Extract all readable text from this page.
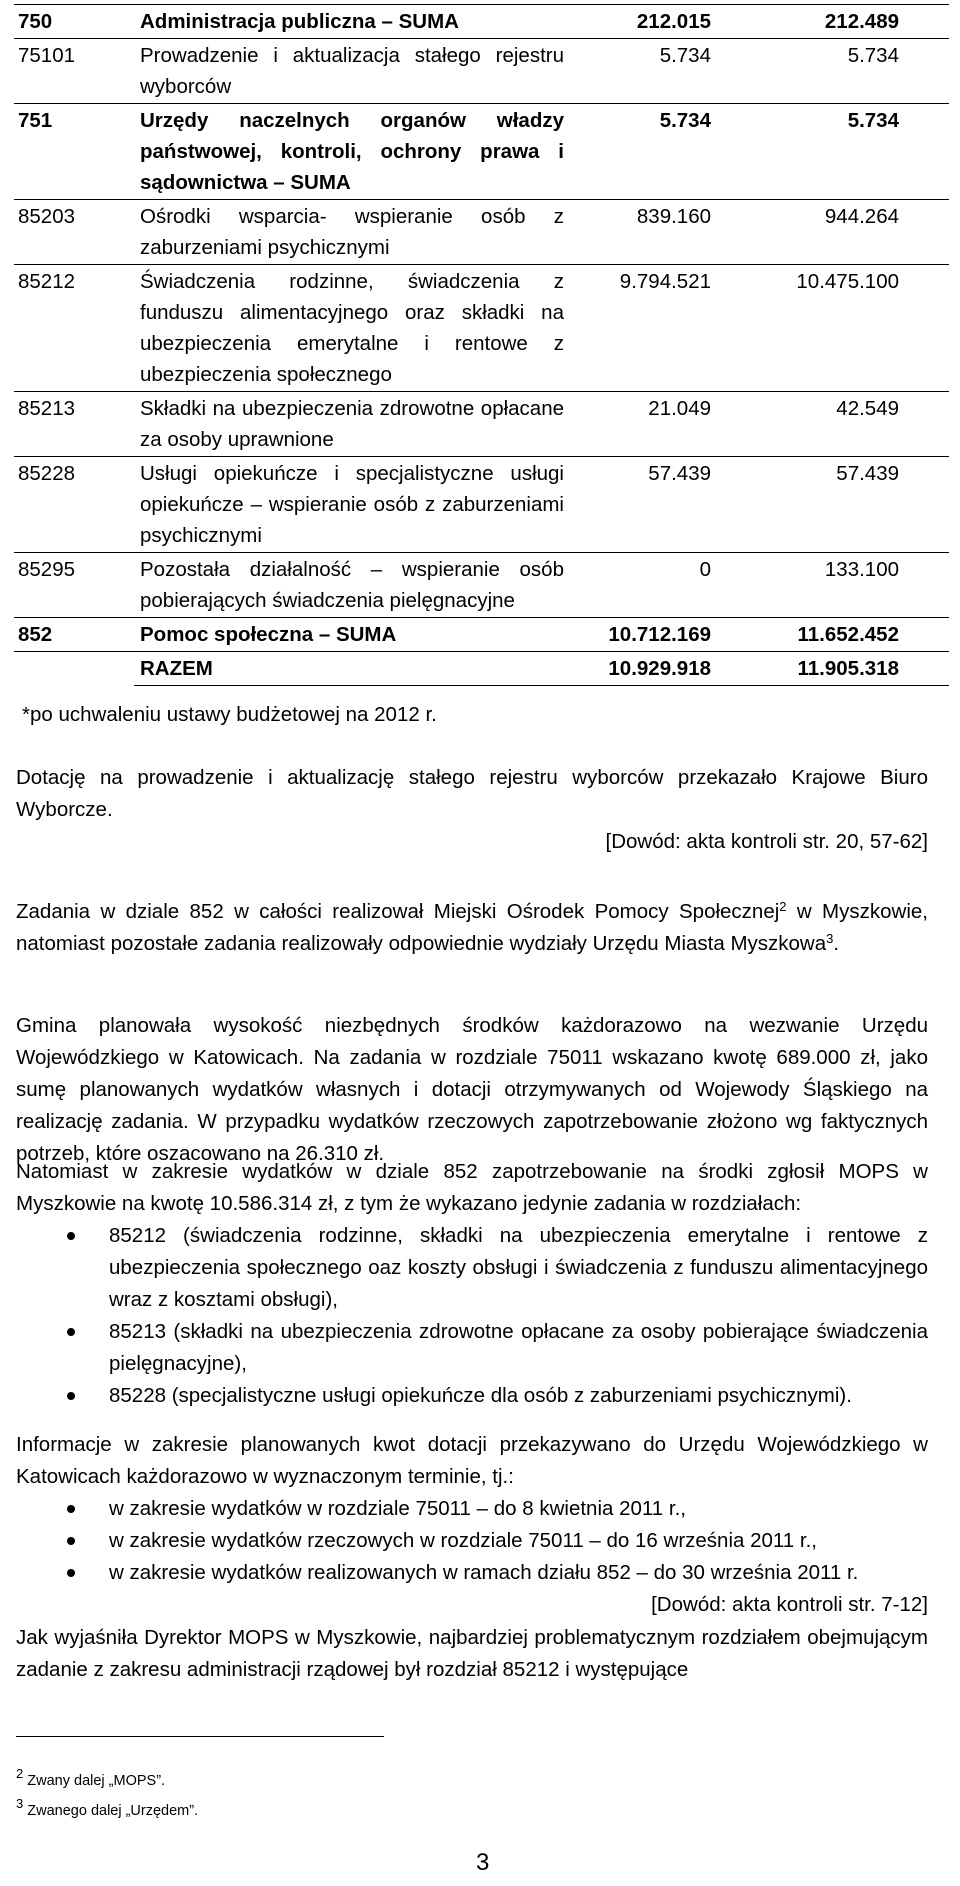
750	Administracja publiczna – SUMA	212.015	212.489
75101	Prowadzenie i aktualizacja stałego rejestru wyborców	5.734	5.734
751	Urzędy naczelnych organów władzy państwowej, kontroli, ochrony prawa i sądownictwa – SUMA	5.734	5.734
85203	Ośrodki wsparcia- wspieranie osób z zaburzeniami psychicznymi	839.160	944.264
85212	Świadczenia rodzinne, świadczenia z funduszu alimentacyjnego oraz składki na ubezpieczenia emerytalne i rentowe z ubezpieczenia społecznego	9.794.521	10.475.100
85213	Składki na ubezpieczenia zdrowotne opłacane za osoby uprawnione	21.049	42.549
85228	Usługi opiekuńcze i specjalistyczne usługi opiekuńcze – wspieranie osób z zaburzeniami psychicznymi	57.439	57.439
85295	Pozostała działalność – wspieranie osób pobierających świadczenia pielęgnacyjne	0	133.100
852	Pomoc społeczna – SUMA	10.712.169	11.652.452
	RAZEM	10.929.918	11.905.318
*po uchwaleniu ustawy budżetowej na 2012 r.
Dotację na prowadzenie i aktualizację stałego rejestru wyborców przekazało Krajowe Biuro Wyborcze.
[Dowód: akta kontroli str. 20, 57-62]
Zadania w dziale 852 w całości realizował Miejski Ośrodek Pomocy Społecznej$^2$ w Myszkowie, natomiast pozostałe zadania realizowały odpowiednie wydziały Urzędu Miasta Myszkowa$^3$.
Gmina planowała wysokość niezbędnych środków każdorazowo na wezwanie Urzędu Wojewódzkiego w Katowicach. Na zadania w rozdziale 75011 wskazano kwotę 689.000 zł, jako sumę planowanych wydatków własnych i dotacji otrzymywanych od Wojewody Śląskiego na realizację zadania. W przypadku wydatków rzeczowych zapotrzebowanie złożono wg faktycznych potrzeb, które oszacowano na 26.310 zł.
Natomiast w zakresie wydatków w dziale 852 zapotrzebowanie na środki zgłosił MOPS w Myszkowie na kwotę 10.586.314 zł, z tym że wykazano jedynie zadania w rozdziałach:
85212 (świadczenia rodzinne, składki na ubezpieczenia emerytalne i rentowe z ubezpieczenia społecznego oaz koszty obsługi i świadczenia z funduszu alimentacyjnego wraz z kosztami obsługi),
85213 (składki na ubezpieczenia zdrowotne opłacane za osoby pobierające świadczenia pielęgnacyjne),
85228 (specjalistyczne usługi opiekuńcze dla osób z zaburzeniami psychicznymi).
Informacje w zakresie planowanych kwot dotacji przekazywano do Urzędu Wojewódzkiego w Katowicach każdorazowo w wyznaczonym terminie, tj.:
w zakresie wydatków w rozdziale 75011 – do 8 kwietnia 2011 r.,
w zakresie wydatków rzeczowych w rozdziale 75011 – do 16 września 2011 r.,
w zakresie wydatków realizowanych w ramach działu 852 – do 30 września 2011 r.
[Dowód: akta kontroli str. 7-12]
Jak wyjaśniła Dyrektor MOPS w Myszkowie, najbardziej problematycznym rozdziałem obejmującym zadanie z zakresu administracji rządowej był rozdział 85212 i występujące
$^2$ Zwany dalej „MOPS”.
$^3$ Zwanego dalej „Urzędem”.
3
